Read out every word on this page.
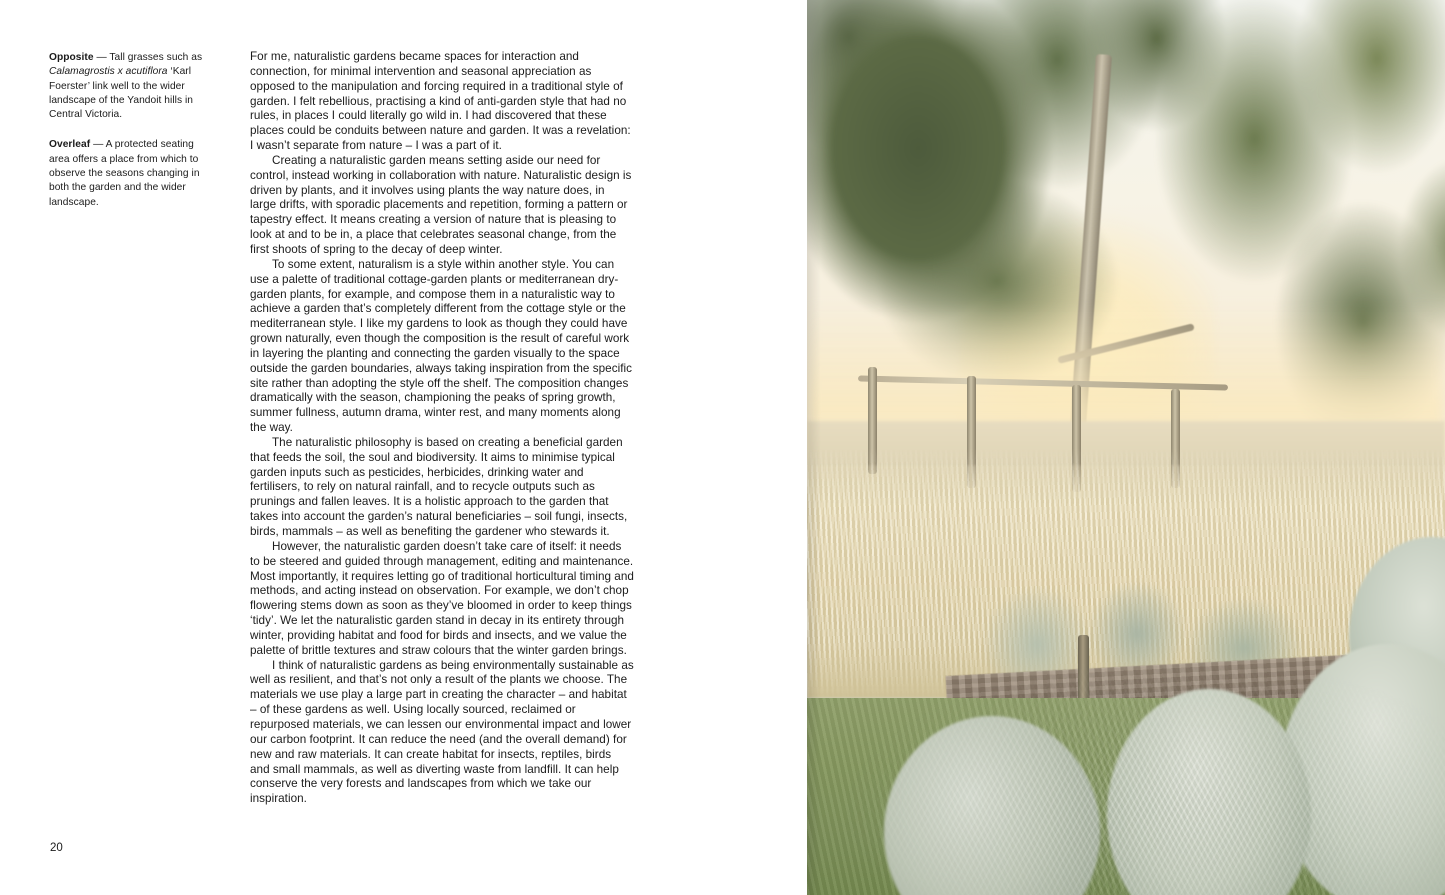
Opposite — Tall grasses such as Calamagrostis x acutiflora ‘Karl Foerster’ link well to the wider landscape of the Yandoit hills in Central Victoria.
Overleaf — A protected seating area offers a place from which to observe the seasons changing in both the garden and the wider landscape.

For me, naturalistic gardens became spaces for interaction and connection, for minimal intervention and seasonal appreciation as opposed to the manipulation and forcing required in a traditional style of garden. I felt rebellious, practising a kind of anti-garden style that had no rules, in places I could literally go wild in. I had discovered that these places could be conduits between nature and garden. It was a revelation: I wasn’t separate from nature – I was a part of it.

Creating a naturalistic garden means setting aside our need for control, instead working in collaboration with nature. Naturalistic design is driven by plants, and it involves using plants the way nature does, in large drifts, with sporadic placements and repetition, forming a pattern or tapestry effect. It means creating a version of nature that is pleasing to look at and to be in, a place that celebrates seasonal change, from the first shoots of spring to the decay of deep winter.

To some extent, naturalism is a style within another style. You can use a palette of traditional cottage-garden plants or mediterranean dry-garden plants, for example, and compose them in a naturalistic way to achieve a garden that’s completely different from the cottage style or the mediterranean style. I like my gardens to look as though they could have grown naturally, even though the composition is the result of careful work in layering the planting and connecting the garden visually to the space outside the garden boundaries, always taking inspiration from the specific site rather than adopting the style off the shelf. The composition changes dramatically with the season, championing the peaks of spring growth, summer fullness, autumn drama, winter rest, and many moments along the way.

The naturalistic philosophy is based on creating a beneficial garden that feeds the soil, the soul and biodiversity. It aims to minimise typical garden inputs such as pesticides, herbicides, drinking water and fertilisers, to rely on natural rainfall, and to recycle outputs such as prunings and fallen leaves. It is a holistic approach to the garden that takes into account the garden’s natural beneficiaries – soil fungi, insects, birds, mammals – as well as benefiting the gardener who stewards it.

However, the naturalistic garden doesn’t take care of itself: it needs to be steered and guided through management, editing and maintenance. Most importantly, it requires letting go of traditional horticultural timing and methods, and acting instead on observation. For example, we don’t chop flowering stems down as soon as they’ve bloomed in order to keep things ‘tidy’. We let the naturalistic garden stand in decay in its entirety through winter, providing habitat and food for birds and insects, and we value the palette of brittle textures and straw colours that the winter garden brings.

I think of naturalistic gardens as being environmentally sustainable as well as resilient, and that’s not only a result of the plants we choose. The materials we use play a large part in creating the character – and habitat – of these gardens as well. Using locally sourced, reclaimed or repurposed materials, we can lessen our environmental impact and lower our carbon footprint. It can reduce the need (and the overall demand) for new and raw materials. It can create habitat for insects, reptiles, birds and small mammals, as well as diverting waste from landfill. It can help conserve the very forests and landscapes from which we take our inspiration.

20
